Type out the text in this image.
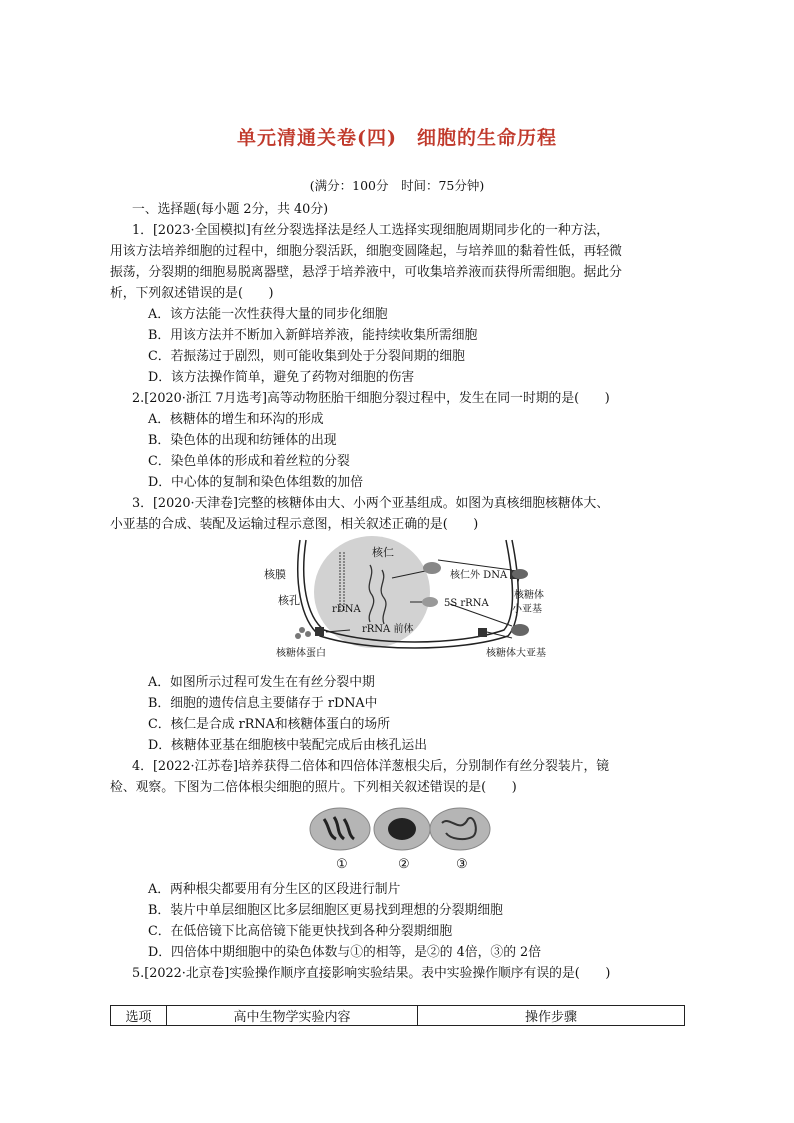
单元清通关卷(四)　细胞的生命历程
(满分：100分　时间：75分钟)
一、选择题(每小题 2分，共 40分)
1．[2023·全国模拟]有丝分裂选择法是经人工选择实现细胞周期同步化的一种方法，
用该方法培养细胞的过程中，细胞分裂活跃，细胞变圆隆起，与培养皿的黏着性低，再轻微
振荡，分裂期的细胞易脱离器壁，悬浮于培养液中，可收集培养液而获得所需细胞。据此分
析，下列叙述错误的是(　　)
A．该方法能一次性获得大量的同步化细胞
B．用该方法并不断加入新鲜培养液，能持续收集所需细胞
C．若振荡过于剧烈，则可能收集到处于分裂间期的细胞
D．该方法操作简单，避免了药物对细胞的伤害
2.[2020·浙江 7月选考]高等动物胚胎干细胞分裂过程中，发生在同一时期的是(　　)
A．核糖体的增生和环沟的形成
B．染色体的出现和纺锤体的出现
C．染色单体的形成和着丝粒的分裂
D．中心体的复制和染色体组数的加倍
3．[2020·天津卷]完整的核糖体由大、小两个亚基组成。如图为真核细胞核糖体大、
小亚基的合成、装配及运输过程示意图，相关叙述正确的是(　　)
核仁
核膜
核孔
rDNA
rRNA 前体
核仁外 DNA
5S rRNA
核糖体
小亚基
核糖体大亚基
核糖体蛋白
A．如图所示过程可发生在有丝分裂中期
B．细胞的遗传信息主要储存于 rDNA中
C．核仁是合成 rRNA和核糖体蛋白的场所
D．核糖体亚基在细胞核中装配完成后由核孔运出
4．[2022·江苏卷]培养获得二倍体和四倍体洋葱根尖后，分别制作有丝分裂装片，镜
检、观察。下图为二倍体根尖细胞的照片。下列相关叙述错误的是(　　)
①	②	③
A．两种根尖都要用有分生区的区段进行制片
B．装片中单层细胞区比多层细胞区更易找到理想的分裂期细胞
C．在低倍镜下比高倍镜下能更快找到各种分裂期细胞
D．四倍体中期细胞中的染色体数与①的相等，是②的 4倍，③的 2倍
5.[2022·北京卷]实验操作顺序直接影响实验结果。表中实验操作顺序有误的是(　　)
选项	高中生物学实验内容	操作步骤
